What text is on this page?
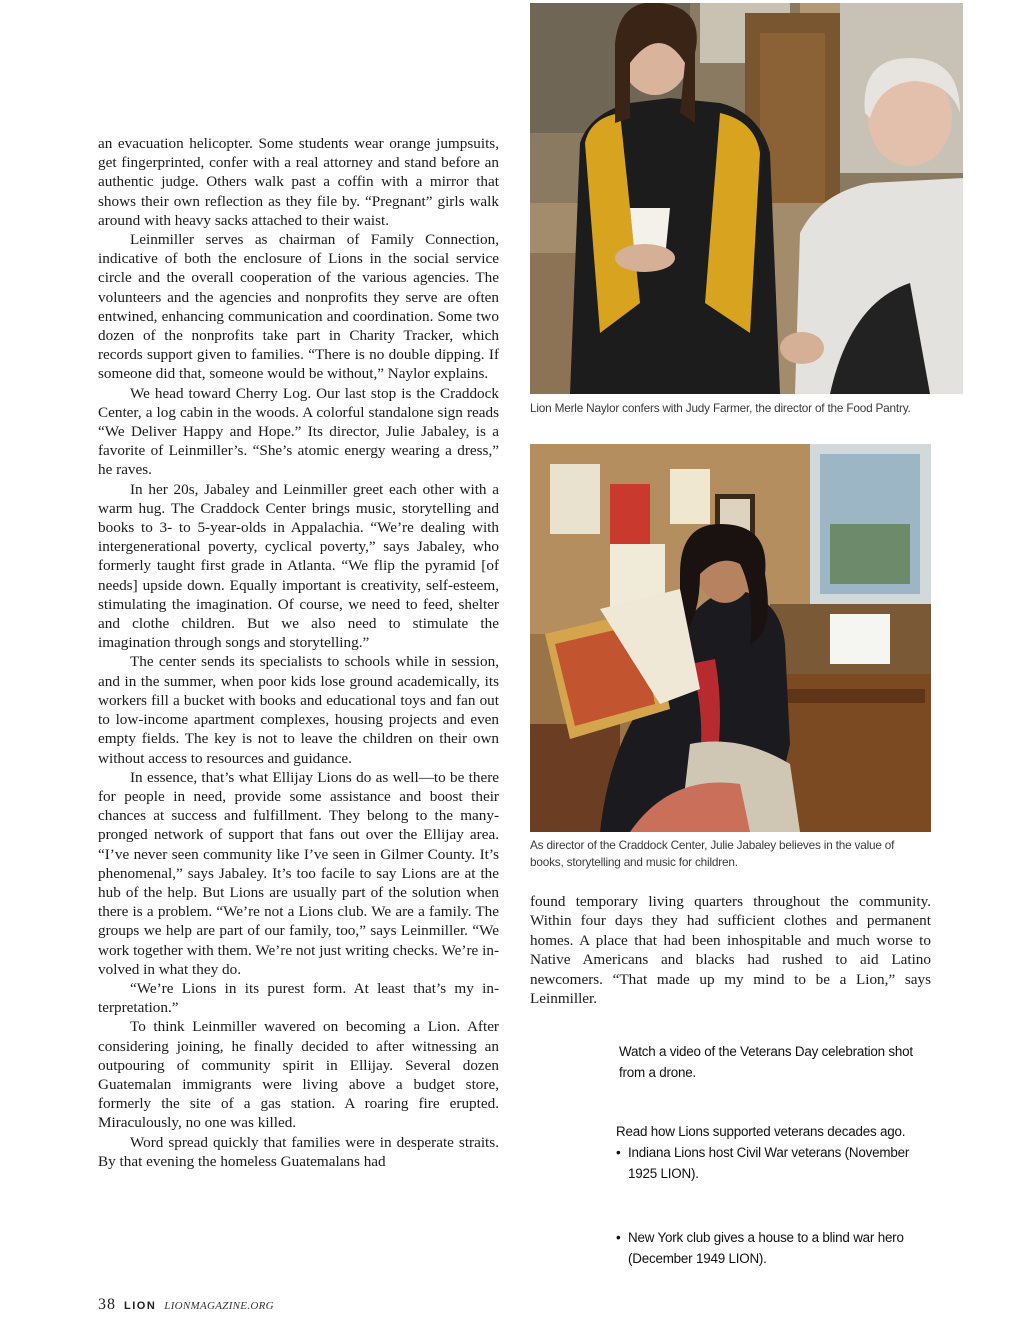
an evacuation helicopter. Some students wear orange jumpsuits, get fingerprinted, confer with a real attorney and stand before an authentic judge. Others walk past a coffin with a mirror that shows their own reflection as they file by. “Pregnant” girls walk around with heavy sacks attached to their waist.

Leinmiller serves as chairman of Family Connection, indicative of both the enclosure of Lions in the social service circle and the overall cooperation of the various agencies. The volunteers and the agencies and nonprofits they serve are often entwined, enhancing communication and coordination. Some two dozen of the nonprofits take part in Charity Tracker, which records support given to families. “There is no double dipping. If someone did that, someone would be without,” Naylor explains.

We head toward Cherry Log. Our last stop is the Craddock Center, a log cabin in the woods. A colorful standalone sign reads “We Deliver Happy and Hope.” Its director, Julie Jabaley, is a favorite of Leinmiller’s. “She’s atomic energy wearing a dress,” he raves.

In her 20s, Jabaley and Leinmiller greet each other with a warm hug. The Craddock Center brings music, storytelling and books to 3- to 5-year-olds in Appalachia. “We’re dealing with intergenerational poverty, cyclical poverty,” says Jabaley, who formerly taught first grade in Atlanta. “We flip the pyramid [of needs] upside down. Equally important is creativity, self-esteem, stimulating the imagination. Of course, we need to feed, shelter and clothe children. But we also need to stimulate the imagination through songs and storytelling.”

The center sends its specialists to schools while in session, and in the summer, when poor kids lose ground academically, its workers fill a bucket with books and educational toys and fan out to low-income apartment complexes, housing projects and even empty fields. The key is not to leave the children on their own without access to resources and guidance.

In essence, that’s what Ellijay Lions do as well—to be there for people in need, provide some assistance and boost their chances at success and fulfillment. They belong to the many-pronged network of support that fans out over the Ellijay area. “I’ve never seen community like I’ve seen in Gilmer County. It’s phenomenal,” says Jabaley. It’s too facile to say Lions are at the hub of the help. But Lions are usually part of the solution when there is a problem. “We’re not a Lions club. We are a family. The groups we help are part of our family, too,” says Leinmiller. “We work together with them. We’re not just writing checks. We’re involved in what they do.

“We’re Lions in its purest form. At least that’s my interpretation.”

To think Leinmiller wavered on becoming a Lion. After considering joining, he finally decided to after witnessing an outpouring of community spirit in Ellijay. Several dozen Guatemalan immigrants were living above a budget store, formerly the site of a gas station. A roaring fire erupted. Miraculously, no one was killed.

Word spread quickly that families were in desperate straits. By that evening the homeless Guatemalans had

Lion Merle Naylor confers with Judy Farmer, the director of the Food Pantry.
As director of the Craddock Center, Julie Jabaley believes in the value of books, storytelling and music for children.

found temporary living quarters throughout the community. Within four days they had sufficient clothes and permanent homes. A place that had been inhospitable and much worse to Native Americans and blacks had rushed to aid Latino newcomers. “That made up my mind to be a Lion,” says Leinmiller.

Watch a video of the Veterans Day celebration shot from a drone.
Read how Lions supported veterans decades ago.
• Indiana Lions host Civil War veterans (November 1925 LION).
• New York club gives a house to a blind war hero (December 1949 LION).
38 LION LIONMAGAZINE.ORG
